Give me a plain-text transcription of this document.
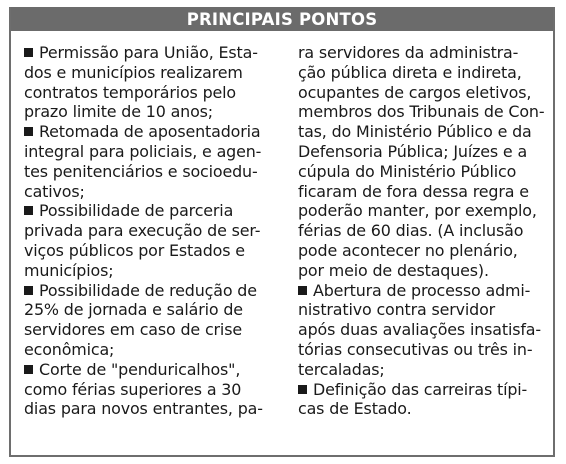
PRINCIPAIS PONTOS
Permissão para União, Esta-
dos e municípios realizarem
contratos temporários pelo
prazo limite de 10 anos;
Retomada de aposentadoria
integral para policiais, e agen-
tes penitenciários e socioedu-
cativos;
Possibilidade de parceria
privada para execução de ser-
viços públicos por Estados e
municípios;
Possibilidade de redução de
25% de jornada e salário de
servidores em caso de crise
econômica;
Corte de "penduricalhos",
como férias superiores a 30
dias para novos entrantes, pa-
ra servidores da administra-
ção pública direta e indireta,
ocupantes de cargos eletivos,
membros dos Tribunais de Con-
tas, do Ministério Público e da
Defensoria Pública; Juízes e a
cúpula do Ministério Público
ficaram de fora dessa regra e
poderão manter, por exemplo,
férias de 60 dias. (A inclusão
pode acontecer no plenário,
por meio de destaques).
Abertura de processo admi-
nistrativo contra servidor
após duas avaliações insatisfa-
tórias consecutivas ou três in-
tercaladas;
Definição das carreiras típi-
cas de Estado.
